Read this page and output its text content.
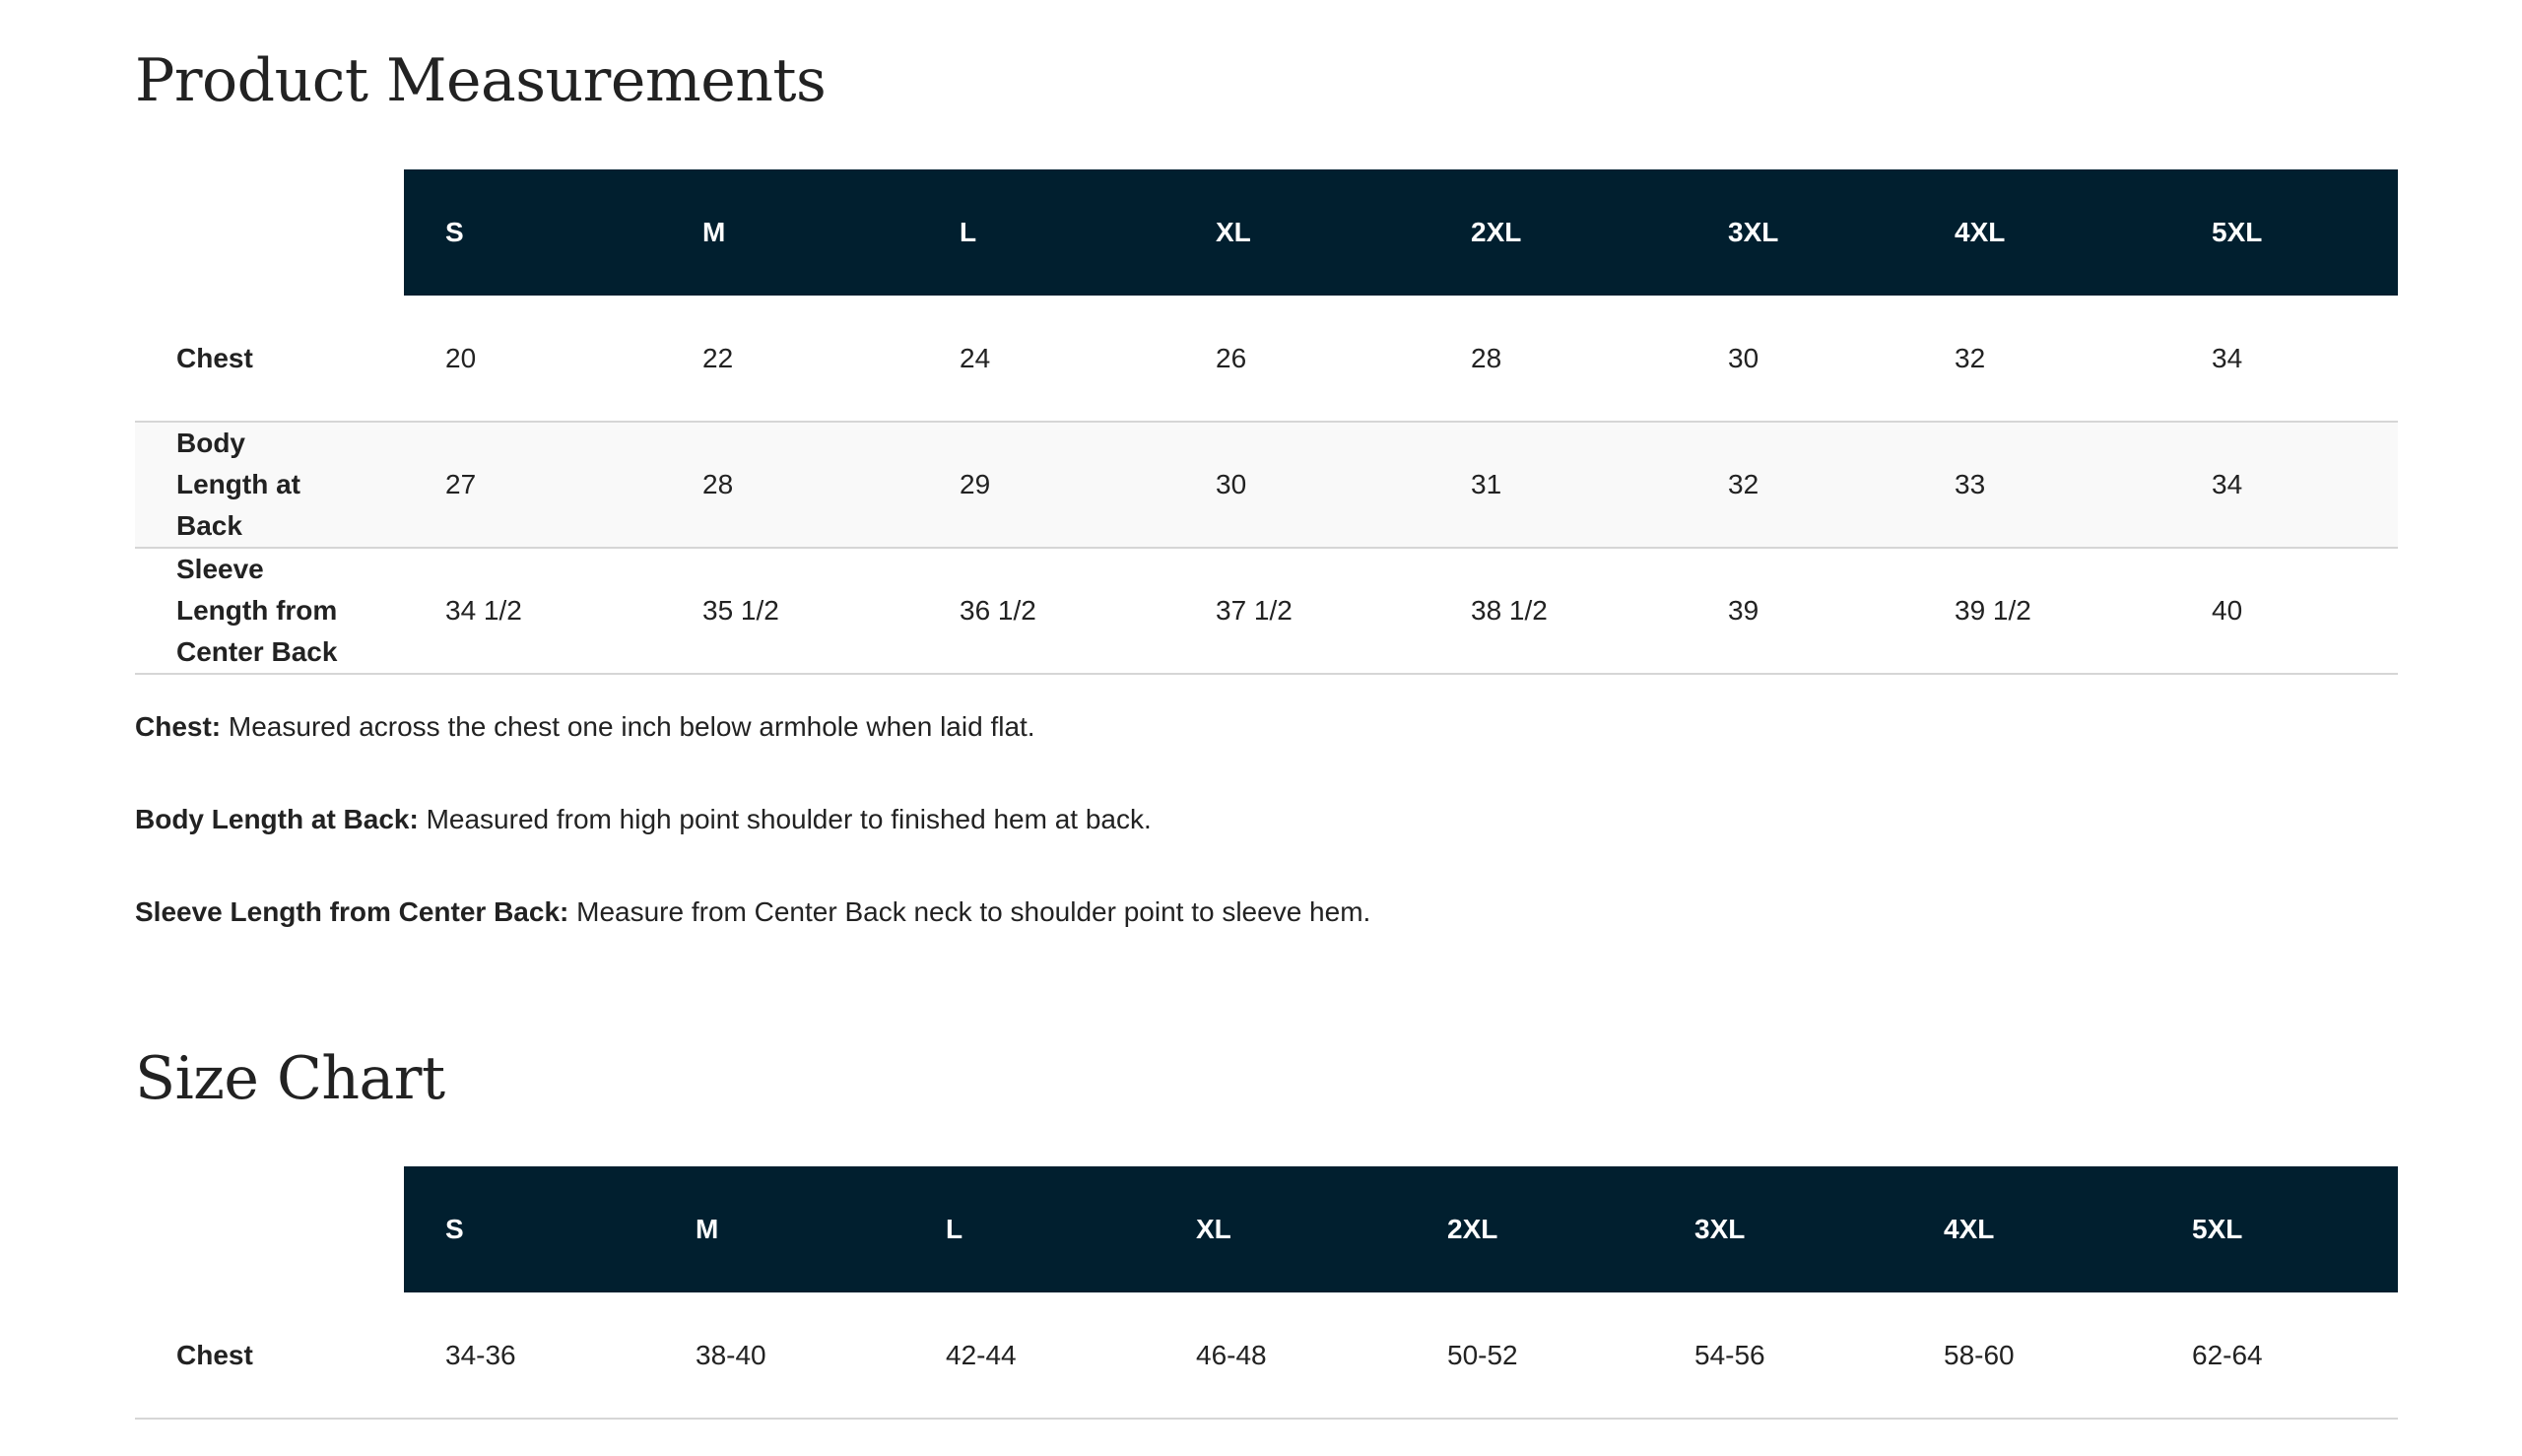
Product Measurements
	S	M	L	XL	2XL	3XL	4XL	5XL
Chest	20	22	24	26	28	30	32	34
Body Length at Back	27	28	29	30	31	32	33	34
Sleeve Length from Center Back	34 1/2	35 1/2	36 1/2	37 1/2	38 1/2	39	39 1/2	40

Chest: Measured across the chest one inch below armhole when laid flat.

Body Length at Back: Measured from high point shoulder to finished hem at back.

Sleeve Length from Center Back: Measure from Center Back neck to shoulder point to sleeve hem.

Size Chart
	S	M	L	XL	2XL	3XL	4XL	5XL
Chest	34-36	38-40	42-44	46-48	50-52	54-56	58-60	62-64
